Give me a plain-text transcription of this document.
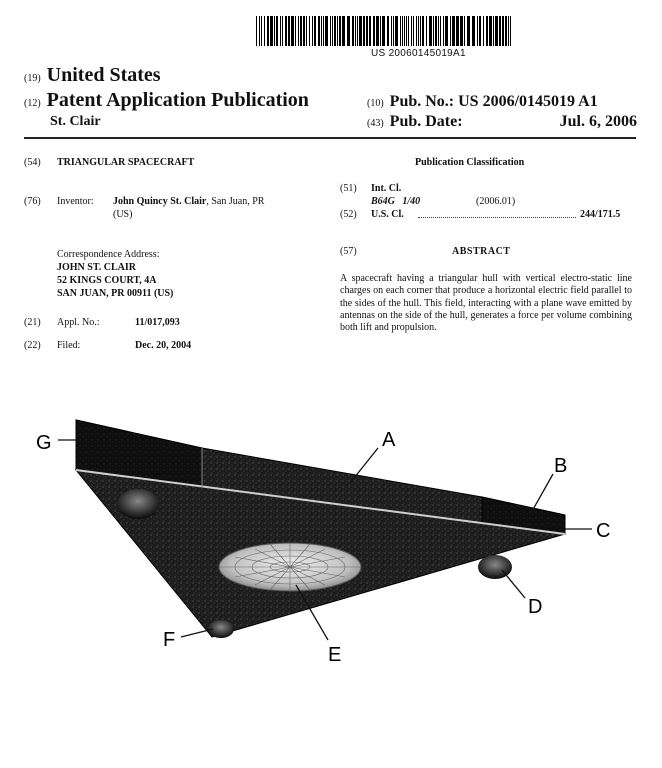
US 20060145019A1
(19) United States
(12) Patent Application Publication
St. Clair
(10) Pub. No.: US 2006/0145019 A1
(43) Pub. Date:	Jul. 6, 2006
(54) TRIANGULAR SPACECRAFT
(76) Inventor: John Quincy St. Clair, San Juan, PR
(US)
Correspondence Address:
JOHN ST. CLAIR
52 KINGS COURT, 4A
SAN JUAN, PR 00911 (US)
(21) Appl. No.:	11/017,093
(22) Filed:	Dec. 20, 2004
Publication Classification
(51) Int. Cl.
B64G   1/40	(2006.01)
(52) U.S. Cl.	244/171.5
(57)	ABSTRACT
A spacecraft having a triangular hull with vertical electro-static line charges on each corner that produce a horizontal electric field parallel to the sides of the hull. This field, interacting with a plane wave emitted by antennas on the side of the hull, generates a force per volume combining both lift and propulsion.
A
B
C
D
E
F
G
